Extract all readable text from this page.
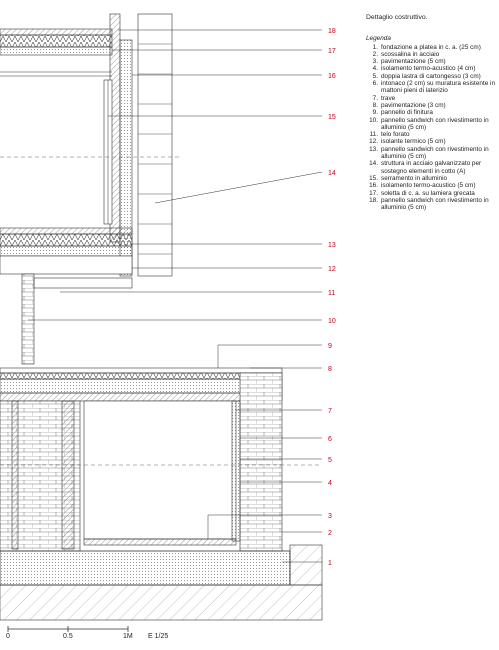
18
17
16
15
14
13
12
11
10
9
8
7
6
5
4
3
2
1
0	0.5	1M E 1/25
Dettaglio costruttivo.
Legenda
1. fondazione a platea in c. a. (25 cm)
2. scossalina in acciaio
3. pavimentazione (5 cm)
4. isolamento termo-acustico (4 cm)
5. doppia lastra di cartongesso (3 cm)
6. intonaco (2 cm) su muratura esistente in mattoni pieni di laterizio
7. trave
8. pavimentazione (3 cm)
9. pannello di finitura
10. pannello sandwich con rivestimento in alluminio (5 cm)
11. telo forato
12. isolante termico (5 cm)
13. pannello sandwich con rivestimento in alluminio (5 cm)
14. struttura in acciaio galvanizzato per sostegno elementi in cotto (A)
15. serramento in alluminio
16. isolamento termo-acustico (5 cm)
17. soletta di c. a. su lamiera grecata
18. pannello sandwich con rivestimento in alluminio (5 cm)
